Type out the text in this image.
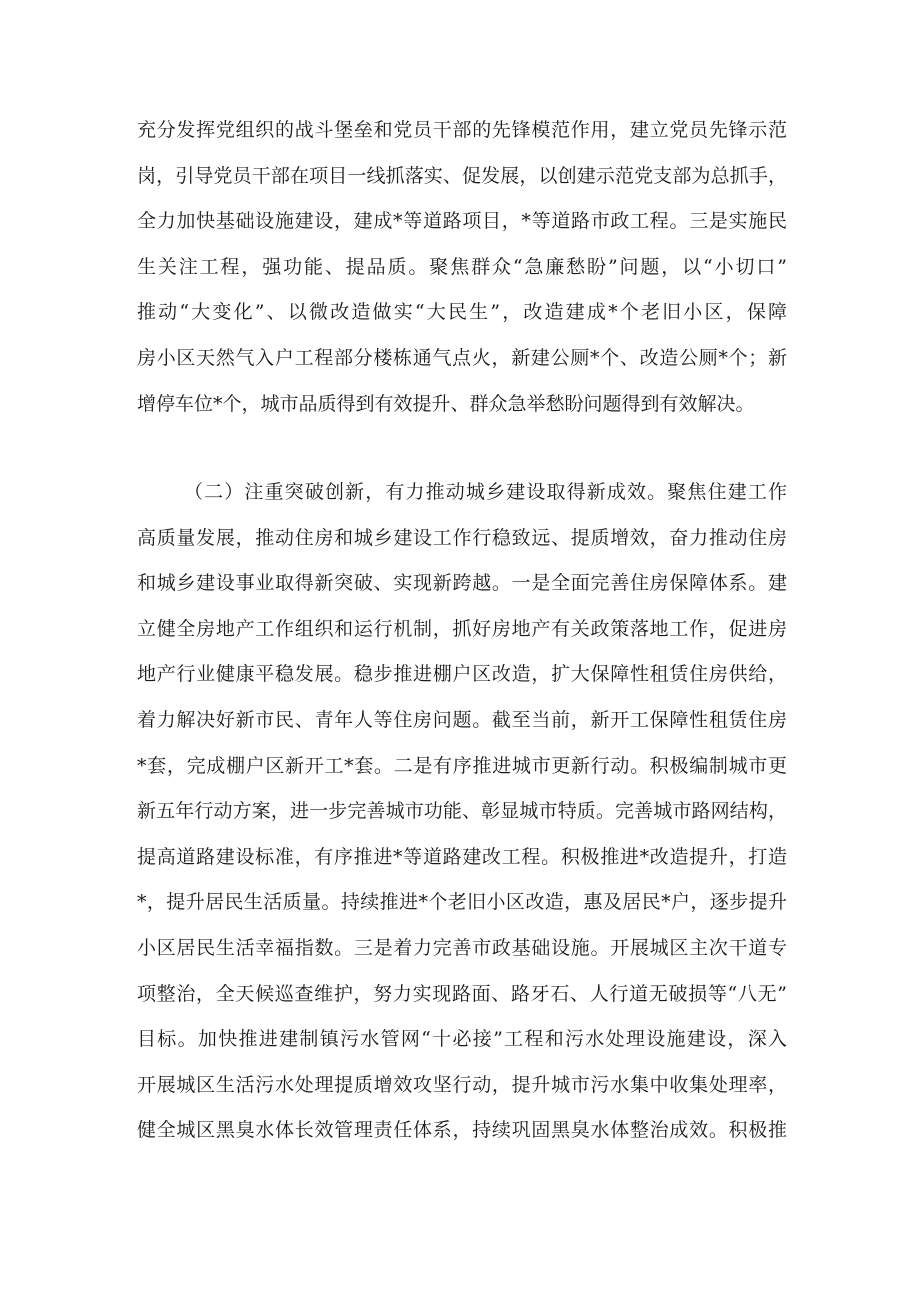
充分发挥党组织的战斗堡垒和党员干部的先锋模范作用，建立党员先锋示范
岗，引导党员干部在项目一线抓落实、促发展，以创建示范党支部为总抓手，
全力加快基础设施建设，建成*等道路项目，*等道路市政工程。三是实施民
生关注工程，强功能、提品质。聚焦群众“急廉愁盼”问题，以“小切口”
推动“大变化”、以微改造做实“大民生”，改造建成*个老旧小区，保障
房小区天然气入户工程部分楼栋通气点火，新建公厕*个、改造公厕*个；新
增停车位*个，城市品质得到有效提升、群众急举愁盼问题得到有效解决。
（二）注重突破创新，有力推动城乡建设取得新成效。聚焦住建工作
高质量发展，推动住房和城乡建设工作行稳致远、提质增效，奋力推动住房
和城乡建设事业取得新突破、实现新跨越。一是全面完善住房保障体系。建
立健全房地产工作组织和运行机制，抓好房地产有关政策落地工作，促进房
地产行业健康平稳发展。稳步推进棚户区改造，扩大保障性租赁住房供给，
着力解决好新市民、青年人等住房问题。截至当前，新开工保障性租赁住房
*套，完成棚户区新开工*套。二是有序推进城市更新行动。积极编制城市更
新五年行动方案，进一步完善城市功能、彰显城市特质。完善城市路网结构，
提高道路建设标准，有序推进*等道路建改工程。积极推进*改造提升，打造
*，提升居民生活质量。持续推进*个老旧小区改造，惠及居民*户，逐步提升
小区居民生活幸福指数。三是着力完善市政基础设施。开展城区主次干道专
项整治，全天候巡查维护，努力实现路面、路牙石、人行道无破损等“八无”
目标。加快推进建制镇污水管网“十必接”工程和污水处理设施建设，深入
开展城区生活污水处理提质增效攻坚行动，提升城市污水集中收集处理率，
健全城区黑臭水体长效管理责任体系，持续巩固黑臭水体整治成效。积极推
